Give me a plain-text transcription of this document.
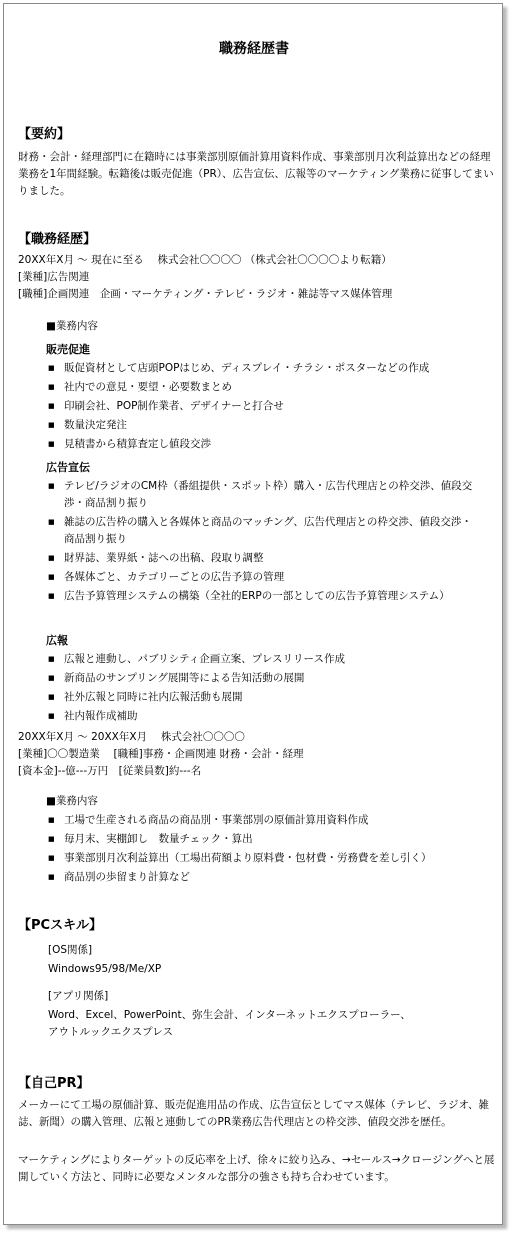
職務経歴書
【要約】
財務・会計・経理部門に在籍時には事業部別原価計算用資料作成、事業部別月次利益算出などの経理業務を1年間経験。転籍後は販売促進（PR）、広告宣伝、広報等のマーケティング業務に従事してまいりました。
【職務経歴】
20XX年X月 〜 現在に至る　 株式会社〇〇〇〇 （株式会社〇〇〇〇より転籍）
[業種]広告関連
[職種]企画関連　企画・マーケティング・テレビ・ラジオ・雑誌等マス媒体管理
■業務内容
販売促進
■ 販促資材として店頭POPはじめ、ディスプレイ・チラシ・ポスターなどの作成
■ 社内での意見・要望・必要数まとめ
■ 印刷会社、POP制作業者、デザイナーと打合せ
■ 数量決定発注
■ 見積書から積算査定し値段交渉
広告宣伝
■ テレビ/ラジオのCM枠（番組提供・スポット枠）購入・広告代理店との枠交渉、値段交渉・商品割り振り
■ 雑誌の広告枠の購入と各媒体と商品のマッチング、広告代理店との枠交渉、値段交渉・商品割り振り
■ 財界誌、業界紙・誌への出稿、段取り調整
■ 各媒体ごと、カテゴリーごとの広告予算の管理
■ 広告予算管理システムの構築（全社的ERPの一部としての広告予算管理システム）
広報
■ 広報と連動し、パブリシティ企画立案、プレスリリース作成
■ 新商品のサンプリング展開等による告知活動の展開
■ 社外広報と同時に社内広報活動も展開
■ 社内報作成補助
20XX年X月 〜 20XX年X月　 株式会社〇〇〇〇
[業種]〇〇製造業　 [職種]事務・企画関連 財務・会計・経理
[資本金]--億---万円　[従業員数]約---名
■業務内容
■ 工場で生産される商品の商品別・事業部別の原価計算用資料作成
■ 毎月末、実棚卸し　数量チェック・算出
■ 事業部別月次利益算出（工場出荷額より原料費・包材費・労務費を差し引く）
■ 商品別の歩留まり計算など
【PCスキル】
[OS関係]
Windows95/98/Me/XP
[アプリ関係]
Word、Excel、PowerPoint、弥生会計、インターネットエクスプローラー、
アウトルックエクスプレス
【自己PR】
メーカーにて工場の原価計算、販売促進用品の作成、広告宣伝としてマス媒体（テレビ、ラジオ、雑誌、新聞）の購入管理、広報と連動してのPR業務広告代理店との枠交渉、値段交渉を歴任。
マーケティングによりターゲットの反応率を上げ、徐々に絞り込み、→セールス→クロージングへと展開していく方法と、同時に必要なメンタルな部分の強さも持ち合わせています。
